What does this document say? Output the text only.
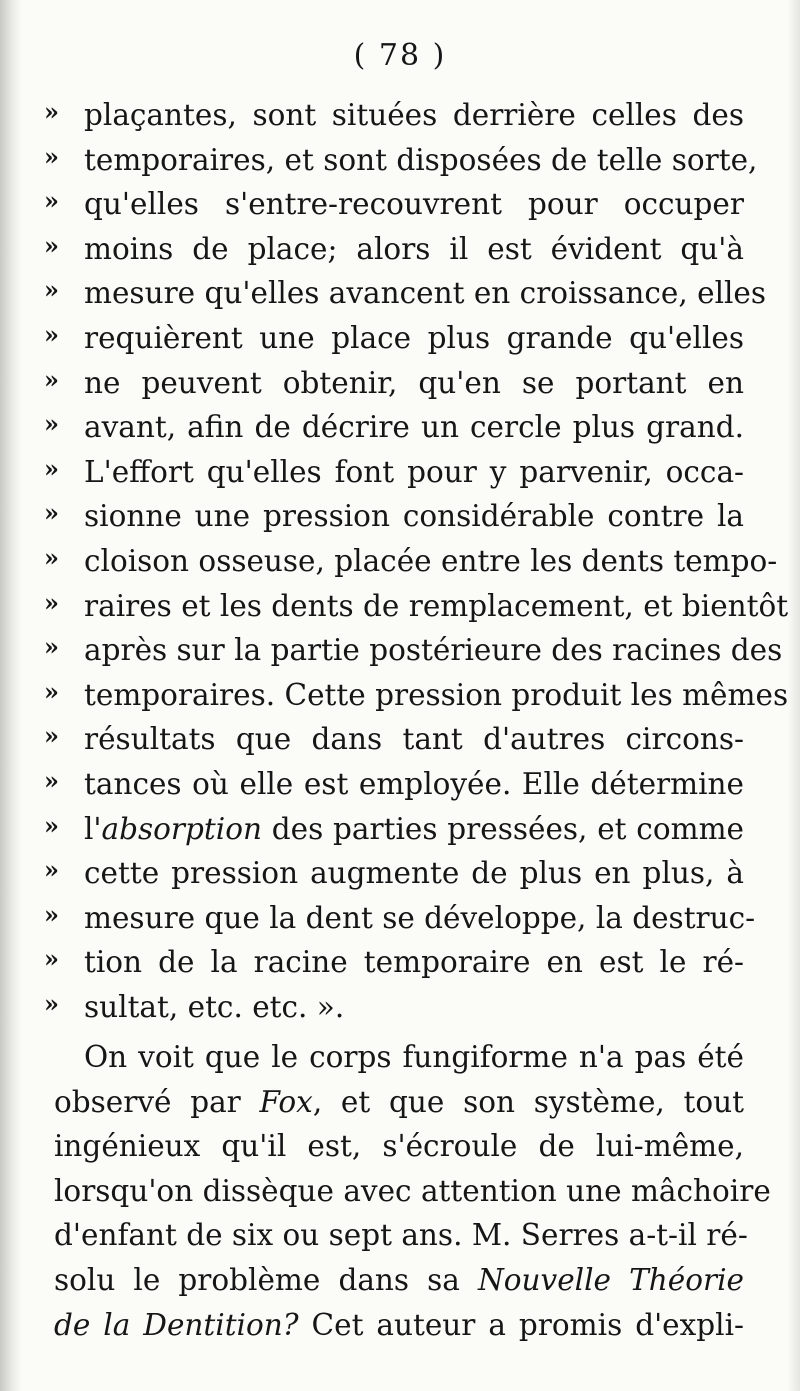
( 78 )
» plaçantes, sont situées derrière celles des
» temporaires, et sont disposées de telle sorte,
» qu'elles s'entre-recouvrent pour occuper
» moins de place; alors il est évident qu'à
» mesure qu'elles avancent en croissance, elles
» requièrent une place plus grande qu'elles
» ne peuvent obtenir, qu'en se portant en
» avant, afin de décrire un cercle plus grand.
» L'effort qu'elles font pour y parvenir, occa-
» sionne une pression considérable contre la
» cloison osseuse, placée entre les dents tempo-
» raires et les dents de remplacement, et bientôt
» après sur la partie postérieure des racines des
» temporaires. Cette pression produit les mêmes
» résultats que dans tant d'autres circons-
» tances où elle est employée. Elle détermine
» l'absorption des parties pressées, et comme
» cette pression augmente de plus en plus, à
» mesure que la dent se développe, la destruc-
» tion de la racine temporaire en est le ré-
» sultat, etc. etc. ».
On voit que le corps fungiforme n'a pas été
observé par Fox, et que son système, tout
ingénieux qu'il est, s'écroule de lui-même,
lorsqu'on dissèque avec attention une mâchoire
d'enfant de six ou sept ans. M. Serres a-t-il ré-
solu le problème dans sa Nouvelle Théorie
de la Dentition? Cet auteur a promis d'expli-
